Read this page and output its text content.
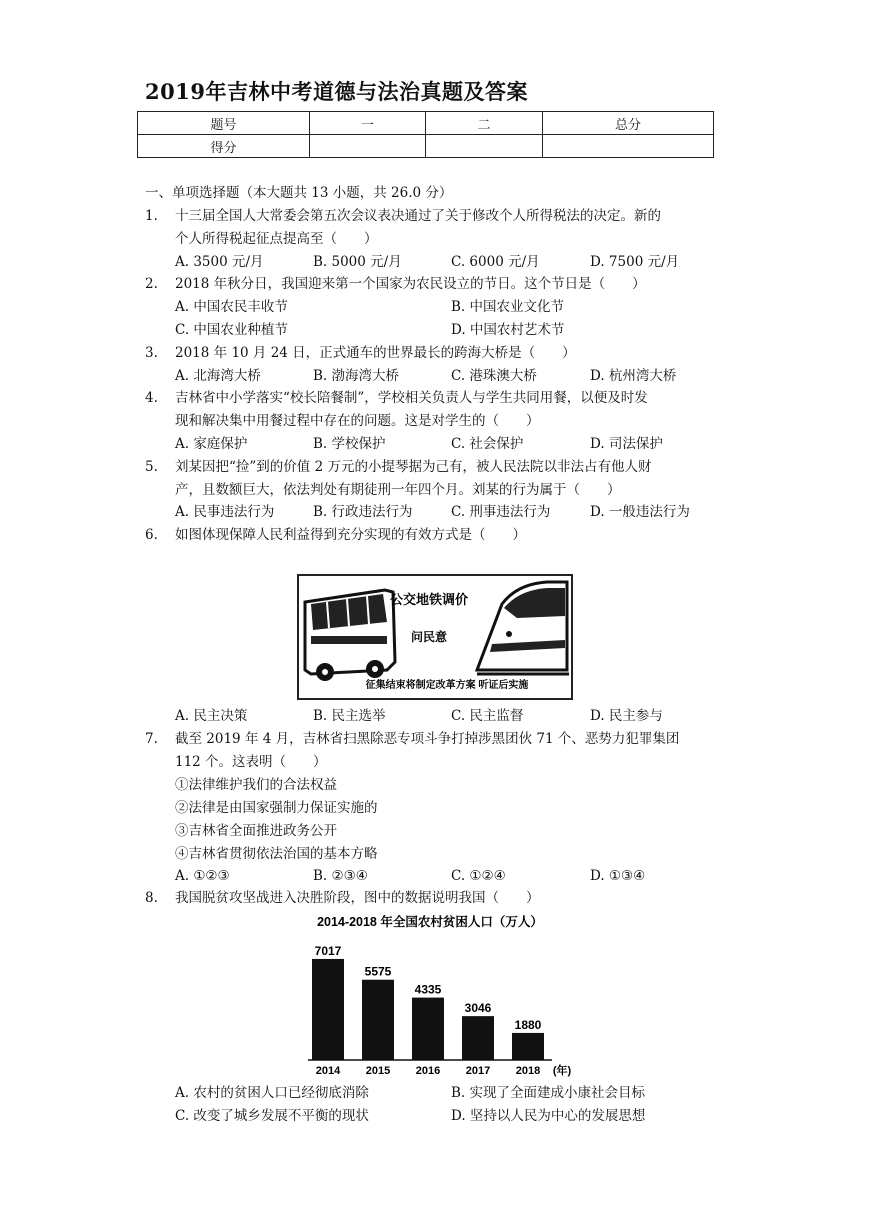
2019年吉林中考道德与法治真题及答案
题号	一	二	总分
得分			
一、单项选择题（本大题共 13 小题，共 26.0 分）
1. 十三届全国人大常委会第五次会议表决通过了关于修改个人所得税法的决定。新的
个人所得税起征点提高至（　　）
A. 3500 元/月	B. 5000 元/月	C. 6000 元/月	D. 7500 元/月
2. 2018 年秋分日，我国迎来第一个国家为农民设立的节日。这个节日是（　　）
A. 中国农民丰收节	B. 中国农业文化节
C. 中国农业种植节	D. 中国农村艺术节
3. 2018 年 10 月 24 日，正式通车的世界最长的跨海大桥是（　　）
A. 北海湾大桥	B. 渤海湾大桥	C. 港珠澳大桥	D. 杭州湾大桥
4. 吉林省中小学落实“校长陪餐制”，学校相关负责人与学生共同用餐，以便及时发
现和解决集中用餐过程中存在的问题。这是对学生的（　　）
A. 家庭保护	B. 学校保护	C. 社会保护	D. 司法保护
5. 刘某因把“捡”到的价值 2 万元的小提琴据为己有，被人民法院以非法占有他人财
产，且数额巨大，依法判处有期徒刑一年四个月。刘某的行为属于（　　）
A. 民事违法行为	B. 行政违法行为	C. 刑事违法行为	D. 一般违法行为
6. 如图体现保障人民利益得到充分实现的有效方式是（　　）
公交地铁调价
问民意
征集结束将制定改革方案 听证后实施
A. 民主决策	B. 民主选举	C. 民主监督	D. 民主参与
7. 截至 2019 年 4 月，吉林省扫黑除恶专项斗争打掉涉黑团伙 71 个、恶势力犯罪集团
112 个。这表明（　　）
①法律维护我们的合法权益
②法律是由国家强制力保证实施的
③吉林省全面推进政务公开
④吉林省贯彻依法治国的基本方略
A. ①②③	B. ②③④	C. ①②④	D. ①③④
8. 我国脱贫攻坚战进入决胜阶段，图中的数据说明我国（　　）
2014-2018 年全国农村贫困人口（万人）
7017
2014
5575
2015
4335
2016
3046
2017
1880
2018 (年)
A. 农村的贫困人口已经彻底消除	B. 实现了全面建成小康社会目标
C. 改变了城乡发展不平衡的现状	D. 坚持以人民为中心的发展思想
